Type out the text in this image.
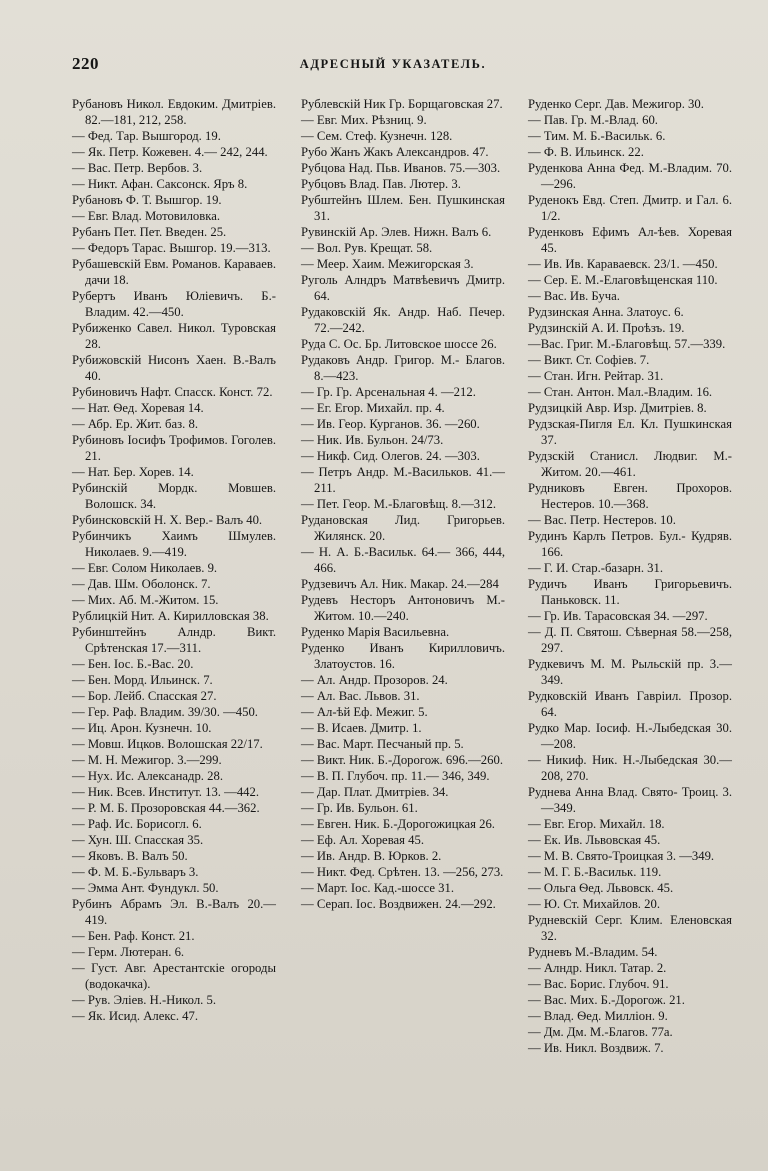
220	АДРЕСНЫЙ УКАЗАТЕЛЬ.
Рубановъ Никол. Евдоким. Дмитріев. 82.—181, 212, 258.
— Фед. Тар. Вышгород. 19.
— Як. Петр. Кожевен. 4.— 242, 244.
— Вас. Петр. Вербов. 3.
— Никт. Афан. Саксонск. Яръ 8.
Рубановъ Ф. Т. Вышгор. 19.
— Евг. Влад. Мотовиловка.
Рубанъ Пет. Пет. Введен. 25.
— Федоръ Тарас. Вышгор. 19.—313.
Рубашевскій Евм. Романов. Караваев. дачи 18.
Рубертъ Иванъ Юліевичъ. Б.- Владим. 42.—450.
Рубиженко Савел. Никол. Туровская 28.
Рубижовскій Нисонъ Хаен. В.-Валъ 40.
Рубиновичъ Нафт. Спасск. Конст. 72.
— Нат. Ѳед. Хоревая 14.
— Абр. Ер. Жит. баз. 8.
Рубиновъ Іосифъ Трофимов. Гоголев. 21.
— Нат. Бер. Хорев. 14.
Рубинскій Мордк. Мовшев. Волошск. 34.
Рубинсковскій Н. Х. Вер.- Валъ 40.
Рубинчикъ Хаимъ Шмулев. Николаев. 9.—419.
— Евг. Солом Николаев. 9.
— Дав. Шм. Оболонск. 7.
— Мих. Аб. М.-Житом. 15.
Рублицкій Нит. А. Кирилловская 38.
Рубинштейнъ Алндр. Викт. Срѣтенская 17.—311.
— Бен. Іос. Б.-Вас. 20.
— Бен. Морд. Ильинск. 7.
— Бор. Лейб. Спасская 27.
— Гер. Раф. Владим. 39/30. —450.
— Иц. Арон. Кузнечн. 10.
— Мовш. Ицков. Волошская 22/17.
— М. Н. Межигор. 3.—299.
— Нух. Ис. Алексанадр. 28.
— Ник. Всев. Институт. 13. —442.
— Р. М. Б. Прозоровская 44.—362.
— Раф. Ис. Борисогл. 6.
— Хун. Ш. Спасская 35.
— Яковъ. В. Валъ 50.
— Ф. М. Б.-Бульваръ 3.
— Эмма Ант. Фундукл. 50.
Рубинъ Абрамъ Эл. В.-Валъ 20.—419.
— Бен. Раф. Конст. 21.
— Герм. Лютеран. 6.
— Густ. Авг. Арестантскіе огороды (водокачка).
— Рув. Эліев. Н.-Никол. 5.
— Як. Исид. Алекс. 47.
Рублевскій Ник Гр. Борщаговская 27.
— Евг. Мих. Рѣзниц. 9.
— Сем. Стеф. Кузнечн. 128.
Рубо Жанъ Жакъ Александров. 47.
Рубцова Над. Пьв. Иванов. 75.—303.
Рубцовъ Влад. Пав. Лютер. 3.
Рубштейнъ Шлем. Бен. Пушкинская 31.
Рувинскій Ар. Элев. Нижн. Валъ 6.
— Вол. Рув. Крещат. 58.
— Меер. Хаим. Межигорская 3.
Руголь Алндръ Матвѣевичъ Дмитр. 64.
Рудаковскій Як. Андр. Наб. Печер. 72.—242.
Руда С. Ос. Бр. Литовское шоссе 26.
Рудаковъ Андр. Григор. М.- Благов. 8.—423.
— Гр. Гр. Арсенальная 4. —212.
— Ег. Егор. Михайл. пр. 4.
— Ив. Геор. Курганов. 36. —260.
— Ник. Ив. Бульон. 24/73.
— Никф. Сид. Олегов. 24. —303.
— Петръ Андр. М.-Васильков. 41.—211.
— Пет. Геор. М.-Благовѣщ. 8.—312.
Рудановская Лид. Григорьев. Жилянск. 20.
— Н. А. Б.-Васильк. 64.— 366, 444, 466.
Рудзевичъ Ал. Ник. Макар. 24.—284
Рудевъ Несторъ Антоновичъ М.-Житом. 10.—240.
Руденко Марія Васильевна.
Руденко Иванъ Кирилловичъ. Златоустов. 16.
— Ал. Андр. Прозоров. 24.
— Ал. Вас. Львов. 31.
— Ал-ѣй Еф. Межиг. 5.
— В. Исаев. Дмитр. 1.
— Вас. Март. Песчаный пр. 5.
— Викт. Ник. Б.-Дорогож. 696.—260.
— В. П. Глубоч. пр. 11.— 346, 349.
— Дар. Плат. Дмитріев. 34.
— Гр. Ив. Бульон. 61.
— Евген. Ник. Б.-Дорогожицкая 26.
— Еф. Ал. Хоревая 45.
— Ив. Андр. В. Юрков. 2.
— Никт. Фед. Срѣтен. 13. —256, 273.
— Март. Іос. Кад.-шоссе 31.
— Серап. Іос. Воздвижен. 24.—292.
Руденко Серг. Дав. Межигор. 30.
— Пав. Гр. М.-Влад. 60.
— Тим. М. Б.-Васильк. 6.
— Ф. В. Ильинск. 22.
Руденкова Анна Фед. М.-Владим. 70.—296.
Руденокъ Евд. Степ. Дмитр. и Гал. 6. 1/2.
Руденковъ Ефимъ Ал-ѣев. Хоревая 45.
— Ив. Ив. Караваевск. 23/1. —450.
— Сер. Е. М.-Елаговѣщенская 110.
— Вас. Ив. Буча.
Рудзинская Анна. Златоус. 6.
Рудзинскій А. И. Проѣзъ. 19.
—Вас. Григ. М.-Благовѣщ. 57.—339.
— Викт. Ст. Софіев. 7.
— Стан. Игн. Рейтар. 31.
— Стан. Антон. Мал.-Владим. 16.
Рудзицкій Авр. Изр. Дмитріев. 8.
Рудзская-Пигля Ел. Кл. Пушкинская 37.
Рудзскій Станисл. Людвиг. М.-Житом. 20.—461.
Рудниковъ Евген. Прохоров. Нестеров. 10.—368.
— Вас. Петр. Нестеров. 10.
Рудинъ Карлъ Петров. Бул.- Кудряв. 166.
— Г. И. Стар.-базарн. 31.
Рудичъ Иванъ Григорьевичъ. Паньковск. 11.
— Гр. Ив. Тарасовская 34. —297.
— Д. П. Святош. Сѣверная 58.—258, 297.
Рудкевичъ М. М. Рыльскій пр. 3.—349.
Рудковскій Иванъ Гавріил. Прозор. 64.
Рудко Мар. Іосиф. Н.-Лыбедская 30.—208.
— Никиф. Ник. Н.-Лыбедская 30.—208, 270.
Руднева Анна Влад. Свято- Троиц. 3.—349.
— Евг. Егор. Михайл. 18.
— Ек. Ив. Львовская 45.
— М. В. Свято-Троицкая 3. —349.
— М. Г. Б.-Васильк. 119.
— Ольга Ѳед. Львовск. 45.
— Ю. Ст. Михайлов. 20.
Рудневскій Серг. Клим. Еленовская 32.
Рудневъ М.-Владим. 54.
— Алндр. Никл. Татар. 2.
— Вас. Борис. Глубоч. 91.
— Вас. Мих. Б.-Дорогож. 21.
— Влад. Ѳед. Милліон. 9.
— Дм. Дм. М.-Благов. 77а.
— Ив. Никл. Воздвиж. 7.
